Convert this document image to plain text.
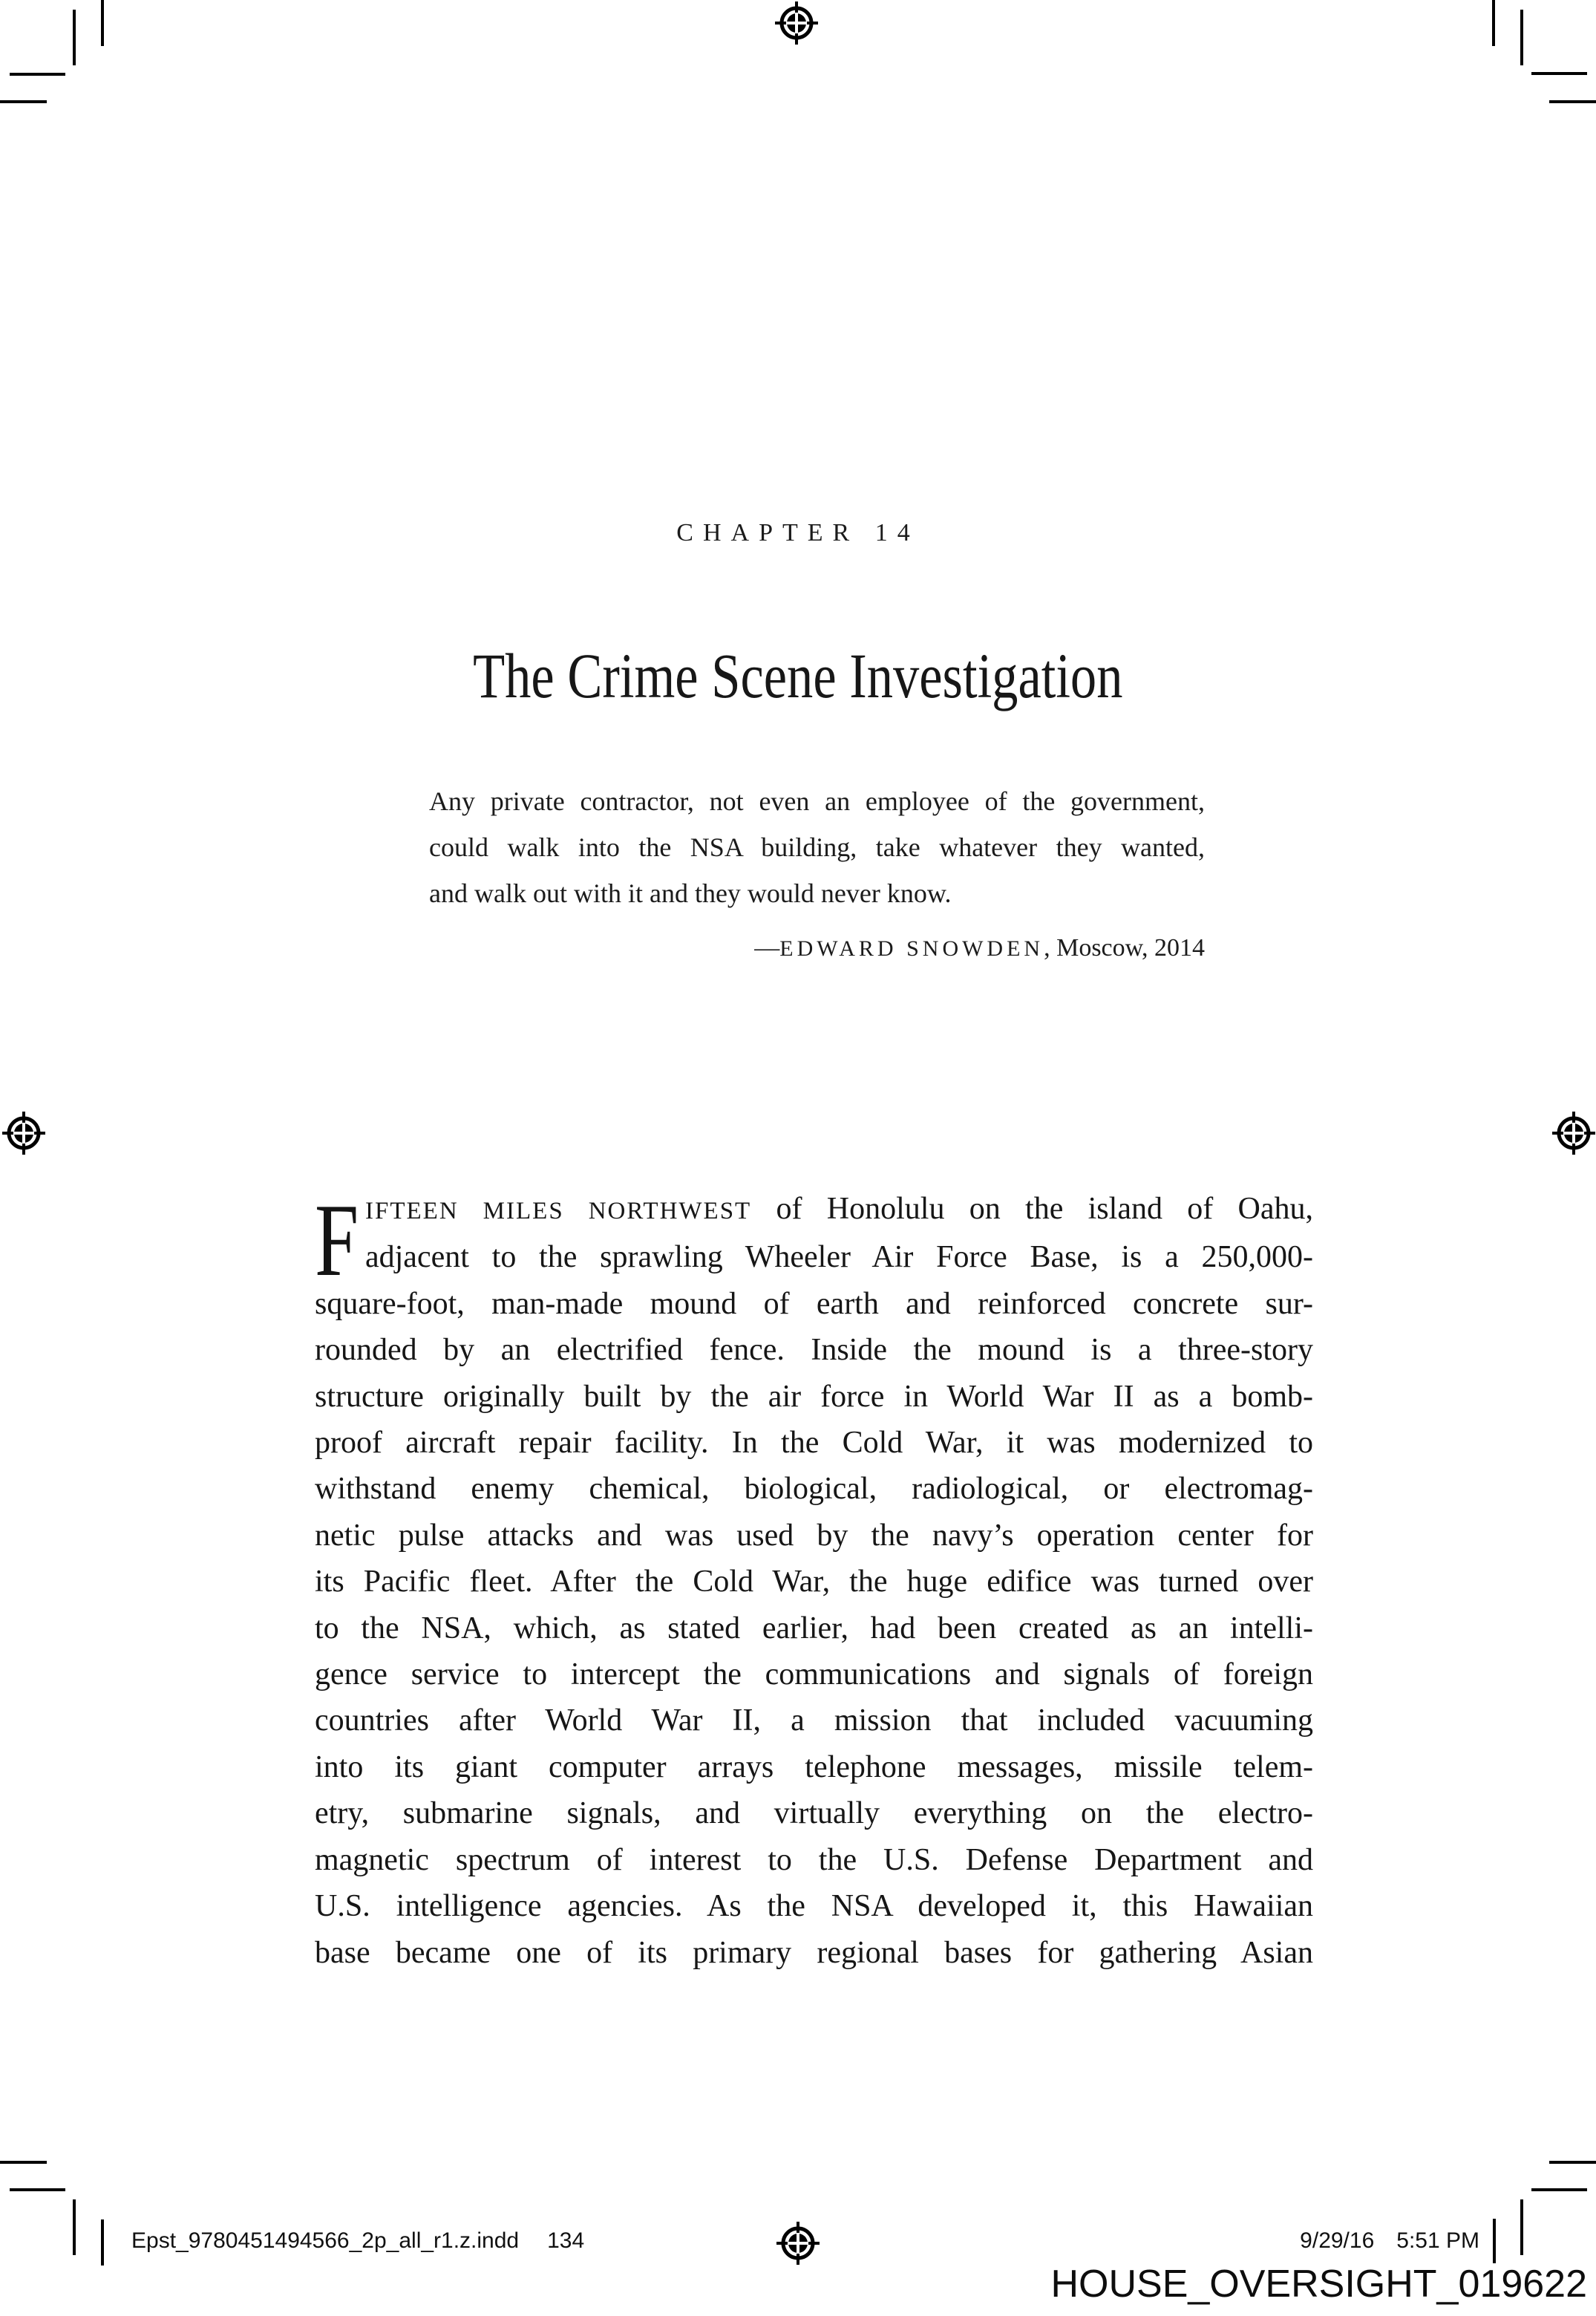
CHAPTER 14
The Crime Scene Investigation
Any private contractor, not even an employee of the government,
could walk into the NSA building, take whatever they wanted,
and walk out with it and they would never know.
—EDWARD SNOWDEN, Moscow, 2014
F IFTEEN MILES NORTHWEST of Honolulu on the island of Oahu,
adjacent to the sprawling Wheeler Air Force Base, is a 250,000-
square-foot, man-made mound of earth and reinforced concrete sur-
rounded by an electrified fence. Inside the mound is a three-story
structure originally built by the air force in World War II as a bomb-
proof aircraft repair facility. In the Cold War, it was modernized to
withstand enemy chemical, biological, radiological, or electromag-
netic pulse attacks and was used by the navy’s operation center for
its Pacific fleet. After the Cold War, the huge edifice was turned over
to the NSA, which, as stated earlier, had been created as an intelli-
gence service to intercept the communications and signals of foreign
countries after World War II, a mission that included vacuuming
into its giant computer arrays telephone messages, missile telem-
etry, submarine signals, and virtually everything on the electro-
magnetic spectrum of interest to the U.S. Defense Department and
U.S. intelligence agencies. As the NSA developed it, this Hawaiian
base became one of its primary regional bases for gathering Asian
Epst_9780451494566_2p_all_r1.z.indd 134	9/29/16 5:51 PM
HOUSE_OVERSIGHT_019622
